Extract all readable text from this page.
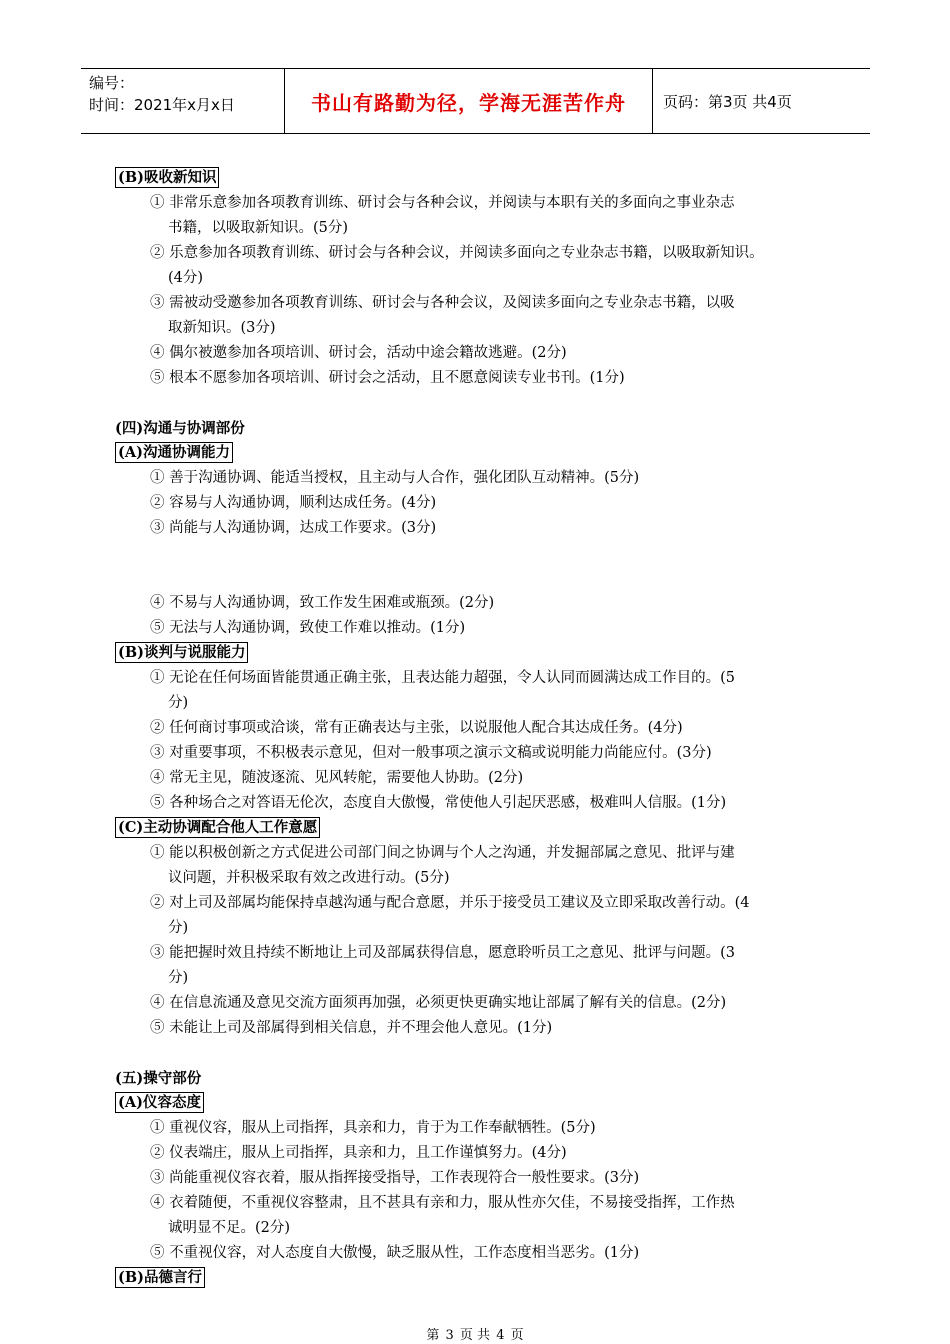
编号：
时间：2021年x月x日	书山有路勤为径，学海无涯苦作舟	页码：第3页 共4页
(B)吸收新知识
① 非常乐意参加各项教育训练、研讨会与各种会议，并阅读与本职有关的多面向之事业杂志
书籍，以吸取新知识。(5分)
② 乐意参加各项教育训练、研讨会与各种会议，并阅读多面向之专业杂志书籍，以吸取新知识。
(4分)
③ 需被动受邀参加各项教育训练、研讨会与各种会议，及阅读多面向之专业杂志书籍，以吸
取新知识。(3分)
④ 偶尔被邀参加各项培训、研讨会，活动中途会籍故逃避。(2分)
⑤ 根本不愿参加各项培训、研讨会之活动，且不愿意阅读专业书刊。(1分)
(四)沟通与协调部份
(A)沟通协调能力
① 善于沟通协调、能适当授权，且主动与人合作，强化团队互动精神。(5分)
② 容易与人沟通协调，顺利达成任务。(4分)
③ 尚能与人沟通协调，达成工作要求。(3分)
④ 不易与人沟通协调，致工作发生困难或瓶颈。(2分)
⑤ 无法与人沟通协调，致使工作难以推动。(1分)
(B)谈判与说服能力
① 无论在任何场面皆能贯通正确主张，且表达能力超强，令人认同而圆满达成工作目的。(5
分)
② 任何商讨事项或洽谈，常有正确表达与主张，以说服他人配合其达成任务。(4分)
③ 对重要事项，不积极表示意见，但对一般事项之演示文稿或说明能力尚能应付。(3分)
④ 常无主见，随波逐流、见风转舵，需要他人协助。(2分)
⑤ 各种场合之对答语无伦次，态度自大傲慢，常使他人引起厌恶感，极难叫人信服。(1分)
(C)主动协调配合他人工作意愿
① 能以积极创新之方式促进公司部门间之协调与个人之沟通，并发掘部属之意见、批评与建
议问题，并积极采取有效之改进行动。(5分)
② 对上司及部属均能保持卓越沟通与配合意愿，并乐于接受员工建议及立即采取改善行动。(4
分)
③ 能把握时效且持续不断地让上司及部属获得信息，愿意聆听员工之意见、批评与问题。(3
分)
④ 在信息流通及意见交流方面须再加强，必须更快更确实地让部属了解有关的信息。(2分)
⑤ 未能让上司及部属得到相关信息，并不理会他人意见。(1分)
(五)操守部份
(A)仪容态度
① 重视仪容，服从上司指挥，具亲和力，肯于为工作奉献牺牲。(5分)
② 仪表端庄，服从上司指挥，具亲和力，且工作谨慎努力。(4分)
③ 尚能重视仪容衣着，服从指挥接受指导，工作表现符合一般性要求。(3分)
④ 衣着随便，不重视仪容整肃，且不甚具有亲和力，服从性亦欠佳，不易接受指挥，工作热
诚明显不足。(2分)
⑤ 不重视仪容，对人态度自大傲慢，缺乏服从性，工作态度相当恶劣。(1分)
(B)品德言行
第 3 页 共 4 页
